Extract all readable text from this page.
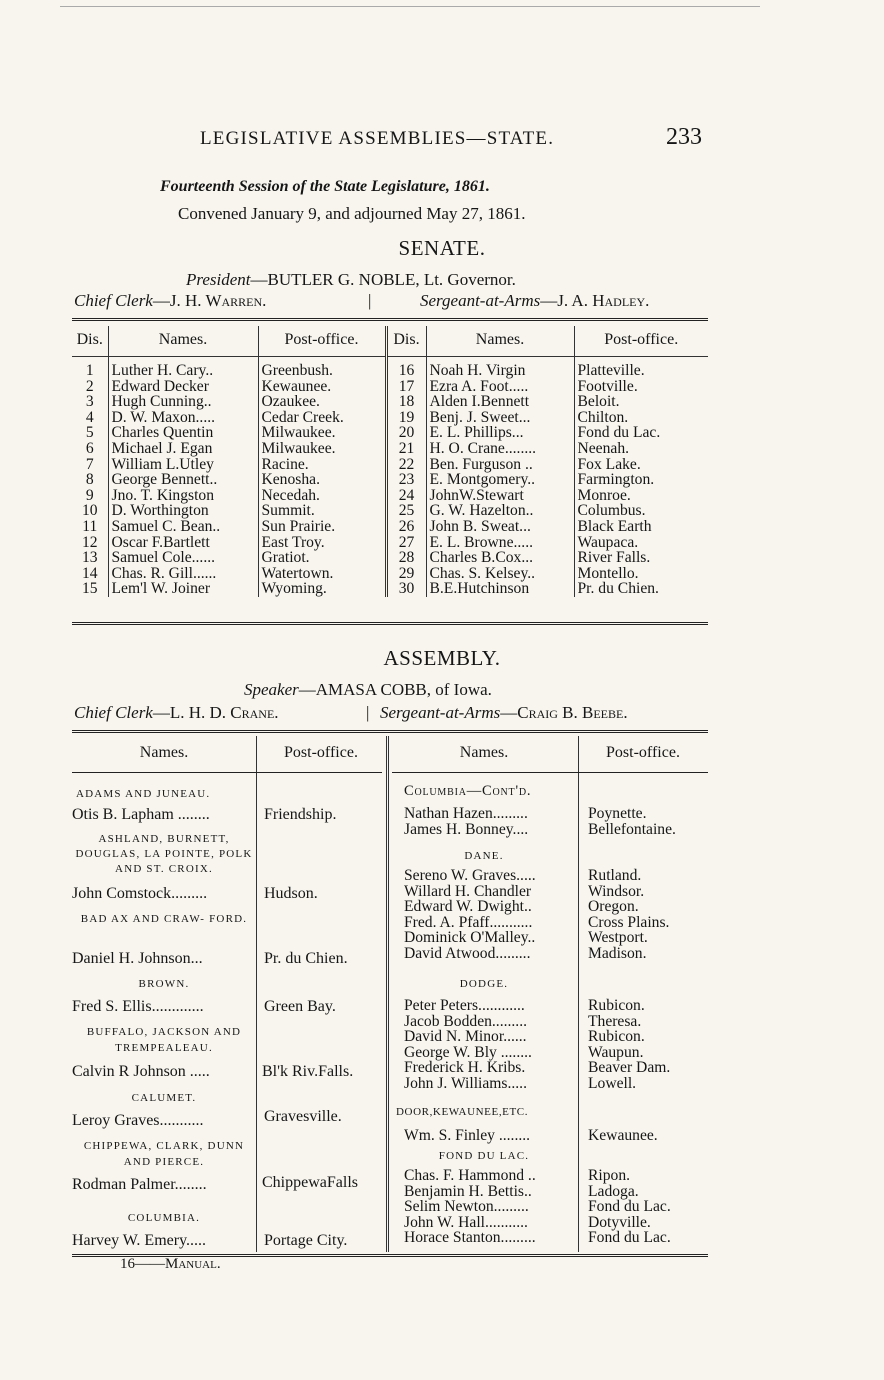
LEGISLATIVE ASSEMBLIES—STATE.	233
Fourteenth Session of the State Legislature, 1861.
Convened January 9, and adjourned May 27, 1861.
SENATE.
President—BUTLER G. NOBLE, Lt. Governor.
Chief Clerk—J. H. Warren.	|	Sergeant-at-Arms—J. A. Hadley.
Dis.	Names.	Post-office.	Dis.	Names.	Post-office.
1	Luther H. Cary..	Greenbush.	16	Noah H. Virgin	Platteville.
2	Edward Decker	Kewaunee.	17	Ezra A. Foot.....	Footville.
3	Hugh Cunning..	Ozaukee.	18	Alden I.Bennett	Beloit.
4	D. W. Maxon.....	Cedar Creek.	19	Benj. J. Sweet...	Chilton.
5	Charles Quentin	Milwaukee.	20	E. L. Phillips...	Fond du Lac.
6	Michael J. Egan	Milwaukee.	21	H. O. Crane........	Neenah.
7	William L.Utley	Racine.	22	Ben. Furguson ..	Fox Lake.
8	George Bennett..	Kenosha.	23	E. Montgomery..	Farmington.
9	Jno. T. Kingston	Necedah.	24	JohnW.Stewart	Monroe.
10	D. Worthington	Summit.	25	G. W. Hazelton..	Columbus.
11	Samuel C. Bean..	Sun Prairie.	26	John B. Sweat...	Black Earth
12	Oscar F.Bartlett	East Troy.	27	E. L. Browne.....	Waupaca.
13	Samuel Cole......	Gratiot.	28	Charles B.Cox...	River Falls.
14	Chas. R. Gill......	Watertown.	29	Chas. S. Kelsey..	Montello.
15	Lem'l W. Joiner	Wyoming.	30	B.E.Hutchinson	Pr. du Chien.
ASSEMBLY.
Speaker—AMASA COBB, of Iowa.
Chief Clerk—L. H. D. Crane.	| Sergeant-at-Arms—Craig B. Beebe.
Names.	Post-office.	Names.	Post-office.
ADAMS AND JUNEAU.
Otis B. Lapham ........	Friendship.
ASHLAND, BURNETT, DOUGLAS, LA POINTE, POLK AND ST. CROIX.
John Comstock.........	Hudson.
BAD AX AND CRAW- FORD.
Daniel H. Johnson...	Pr. du Chien.
BROWN.
Fred S. Ellis.............	Green Bay.
BUFFALO, JACKSON AND TREMPEALEAU.
Calvin R Johnson .....	Bl'k Riv.Falls.
CALUMET.
Leroy Graves...........	Gravesville.
CHIPPEWA, CLARK, DUNN AND PIERCE.
Rodman Palmer........	ChippewaFalls
COLUMBIA.
Harvey W. Emery.....	Portage City.
Columbia—Cont'd.
Nathan Hazen.........	Poynette.
James H. Bonney....	Bellefontaine.
DANE.
Sereno W. Graves.....	Rutland.
Willard H. Chandler	Windsor.
Edward W. Dwight..	Oregon.
Fred. A. Pfaff...........	Cross Plains.
Dominick O'Malley..	Westport.
David Atwood.........	Madison.
DODGE.
Peter Peters............	Rubicon.
Jacob Bodden.........	Theresa.
David N. Minor......	Rubicon.
George W. Bly ........	Waupun.
Frederick H. Kribs.	Beaver Dam.
John J. Williams.....	Lowell.
DOOR,KEWAUNEE,ETC.
Wm. S. Finley ........	Kewaunee.
FOND DU LAC.
Chas. F. Hammond ..	Ripon.
Benjamin H. Bettis..	Ladoga.
Selim Newton.........	Fond du Lac.
John W. Hall...........	Dotyville.
Horace Stanton.........	Fond du Lac.
16——Manual.
